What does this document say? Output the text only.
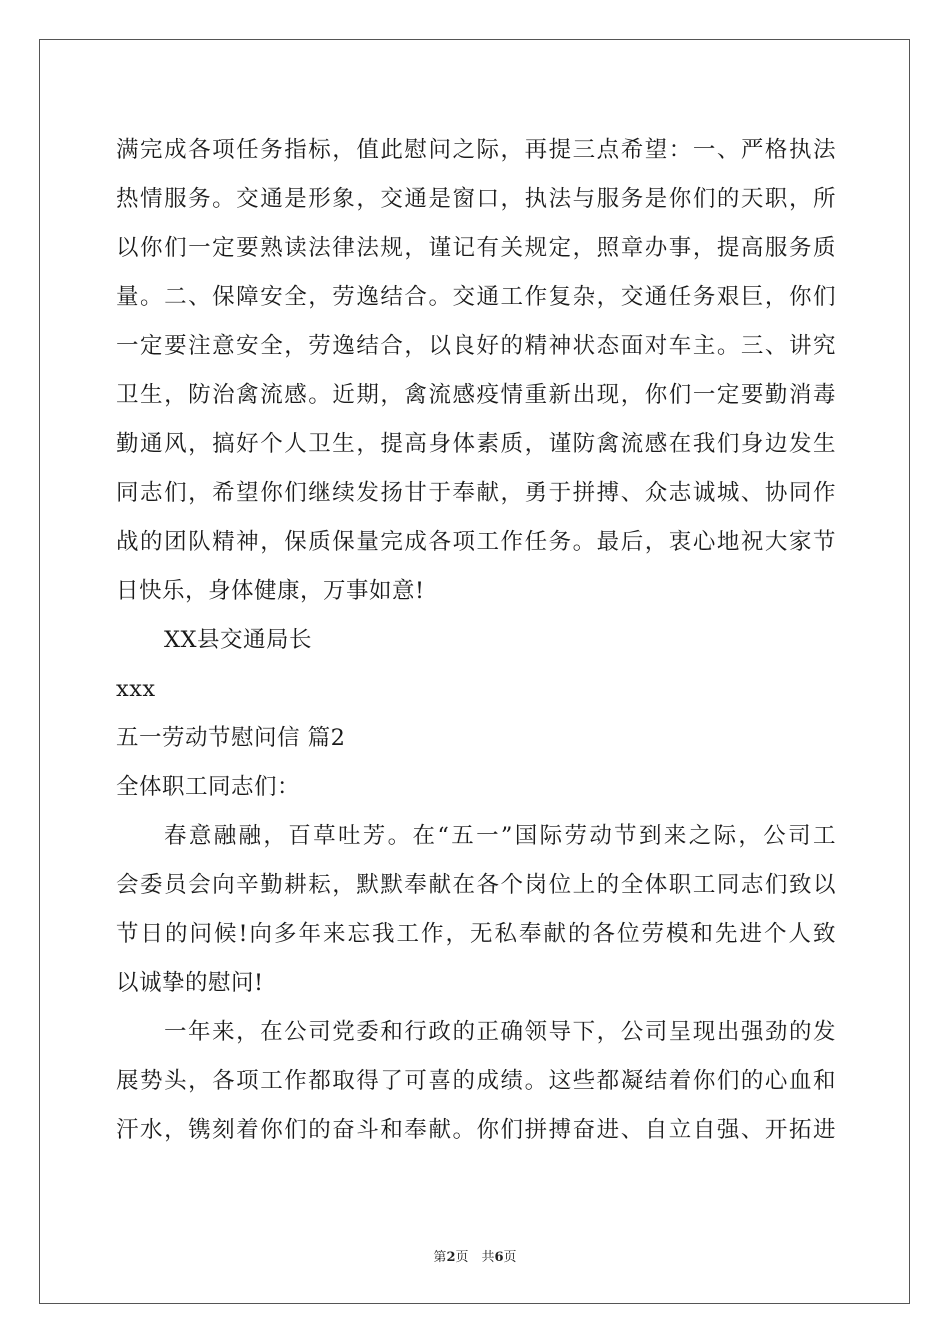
满完成各项任务指标，值此慰问之际，再提三点希望：一、严格执法
热情服务。交通是形象，交通是窗口，执法与服务是你们的天职，所
以你们一定要熟读法律法规，谨记有关规定，照章办事，提高服务质
量。二、保障安全，劳逸结合。交通工作复杂，交通任务艰巨，你们
一定要注意安全，劳逸结合，以良好的精神状态面对车主。三、讲究
卫生，防治禽流感。近期，禽流感疫情重新出现，你们一定要勤消毒
勤通风，搞好个人卫生，提高身体素质，谨防禽流感在我们身边发生
同志们，希望你们继续发扬甘于奉献，勇于拼搏、众志诚城、协同作
战的团队精神，保质保量完成各项工作任务。最后，衷心地祝大家节
日快乐，身体健康，万事如意!
XX县交通局长
xxx
五一劳动节慰问信 篇2
全体职工同志们：
春意融融，百草吐芳。在“五一”国际劳动节到来之际，公司工
会委员会向辛勤耕耘，默默奉献在各个岗位上的全体职工同志们致以
节日的问候!向多年来忘我工作，无私奉献的各位劳模和先进个人致
以诚挚的慰问!
一年来，在公司党委和行政的正确领导下，公司呈现出强劲的发
展势头，各项工作都取得了可喜的成绩。这些都凝结着你们的心血和
汗水，镌刻着你们的奋斗和奉献。你们拼搏奋进、自立自强、开拓进
第2页　共6页
